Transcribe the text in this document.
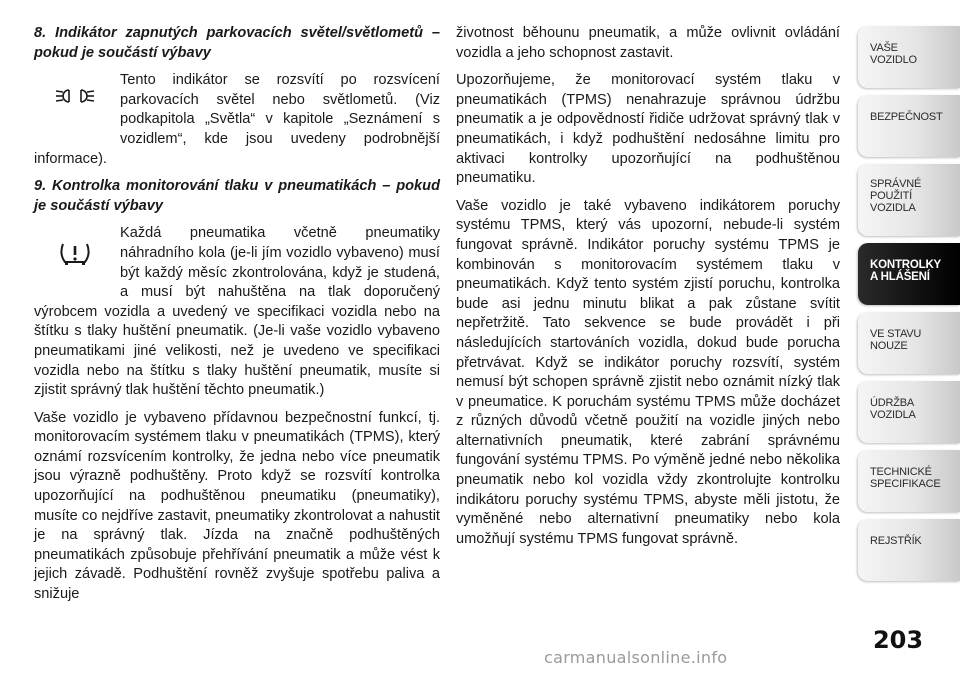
8. Indikátor zapnutých parkovacích světel/světlometů – pokud je součástí výbavy

Tento indikátor se rozsvítí po rozsvícení parkovacích světel nebo světlometů. (Viz podkapitola „Světla“ v kapitole „Seznámení s vozidlem“, kde jsou uvedeny podrobnější informace).

9. Kontrolka monitorování tlaku v pneumatikách – pokud je součástí výbavy

Každá pneumatika včetně pneumatiky náhradního kola (je-li jím vozidlo vybaveno) musí být každý měsíc zkontrolována, když je studená, a musí být nahuštěna na tlak doporučený výrobcem vozidla a uvedený ve specifikaci vozidla nebo na štítku s tlaky huštění pneumatik. (Je-li vaše vozidlo vybaveno pneumatikami jiné velikosti, než je uvedeno ve specifikaci vozidla nebo na štítku s tlaky huštění pneumatik, musíte si zjistit správný tlak huštění těchto pneumatik.)

Vaše vozidlo je vybaveno přídavnou bezpečnostní funkcí, tj. monitorovacím systémem tlaku v pneumatikách (TPMS), který oznámí rozsvícením kontrolky, že jedna nebo více pneumatik jsou výrazně podhuštěny. Proto když se rozsvítí kontrolka upozorňující na podhuštěnou pneumatiku (pneumatiky), musíte co nejdříve zastavit, pneumatiky zkontrolovat a nahustit je na správný tlak. Jízda na značně podhuštěných pneumatikách způsobuje přehřívání pneumatik a může vést k jejich závadě. Podhuštění rovněž zvyšuje spotřebu paliva a snižuje

životnost běhounu pneumatik, a může ovlivnit ovládání vozidla a jeho schopnost zastavit.

Upozorňujeme, že monitorovací systém tlaku v pneumatikách (TPMS) nenahrazuje správnou údržbu pneumatik a je odpovědností řidiče udržovat správný tlak v pneumatikách, i když podhuštění nedosáhne limitu pro aktivaci kontrolky upozorňující na podhuštěnou pneumatiku.

Vaše vozidlo je také vybaveno indikátorem poruchy systému TPMS, který vás upozorní, nebude-li systém fungovat správně. Indikátor poruchy systému TPMS je kombinován s monitorovacím systémem tlaku v pneumatikách. Když tento systém zjistí poruchu, kontrolka bude asi jednu minutu blikat a pak zůstane svítit nepřetržitě. Tato sekvence se bude provádět i při následujících startováních vozidla, dokud bude porucha přetrvávat. Když se indikátor poruchy rozsvítí, systém nemusí být schopen správně zjistit nebo oznámit nízký tlak v pneumatice. K poruchám systému TPMS může docházet z různých důvodů včetně použití na vozidle jiných nebo alternativních pneumatik, které zabrání správnému fungování systému TPMS. Po výměně jedné nebo několika pneumatik nebo kol vozidla vždy zkontrolujte kontrolku indikátoru poruchy systému TPMS, abyste měli jistotu, že vyměněné nebo alternativní pneumatiky nebo kola umožňují systému TPMS fungovat správně.

VAŠE
VOZIDLO
BEZPEČNOST
SPRÁVNÉ
POUŽITÍ
VOZIDLA
KONTROLKY
A HLÁŠENÍ
VE STAVU
NOUZE
ÚDRŽBA
VOZIDLA
TECHNICKÉ
SPECIFIKACE
REJSTŘÍK
203
carmanualsonline.info
